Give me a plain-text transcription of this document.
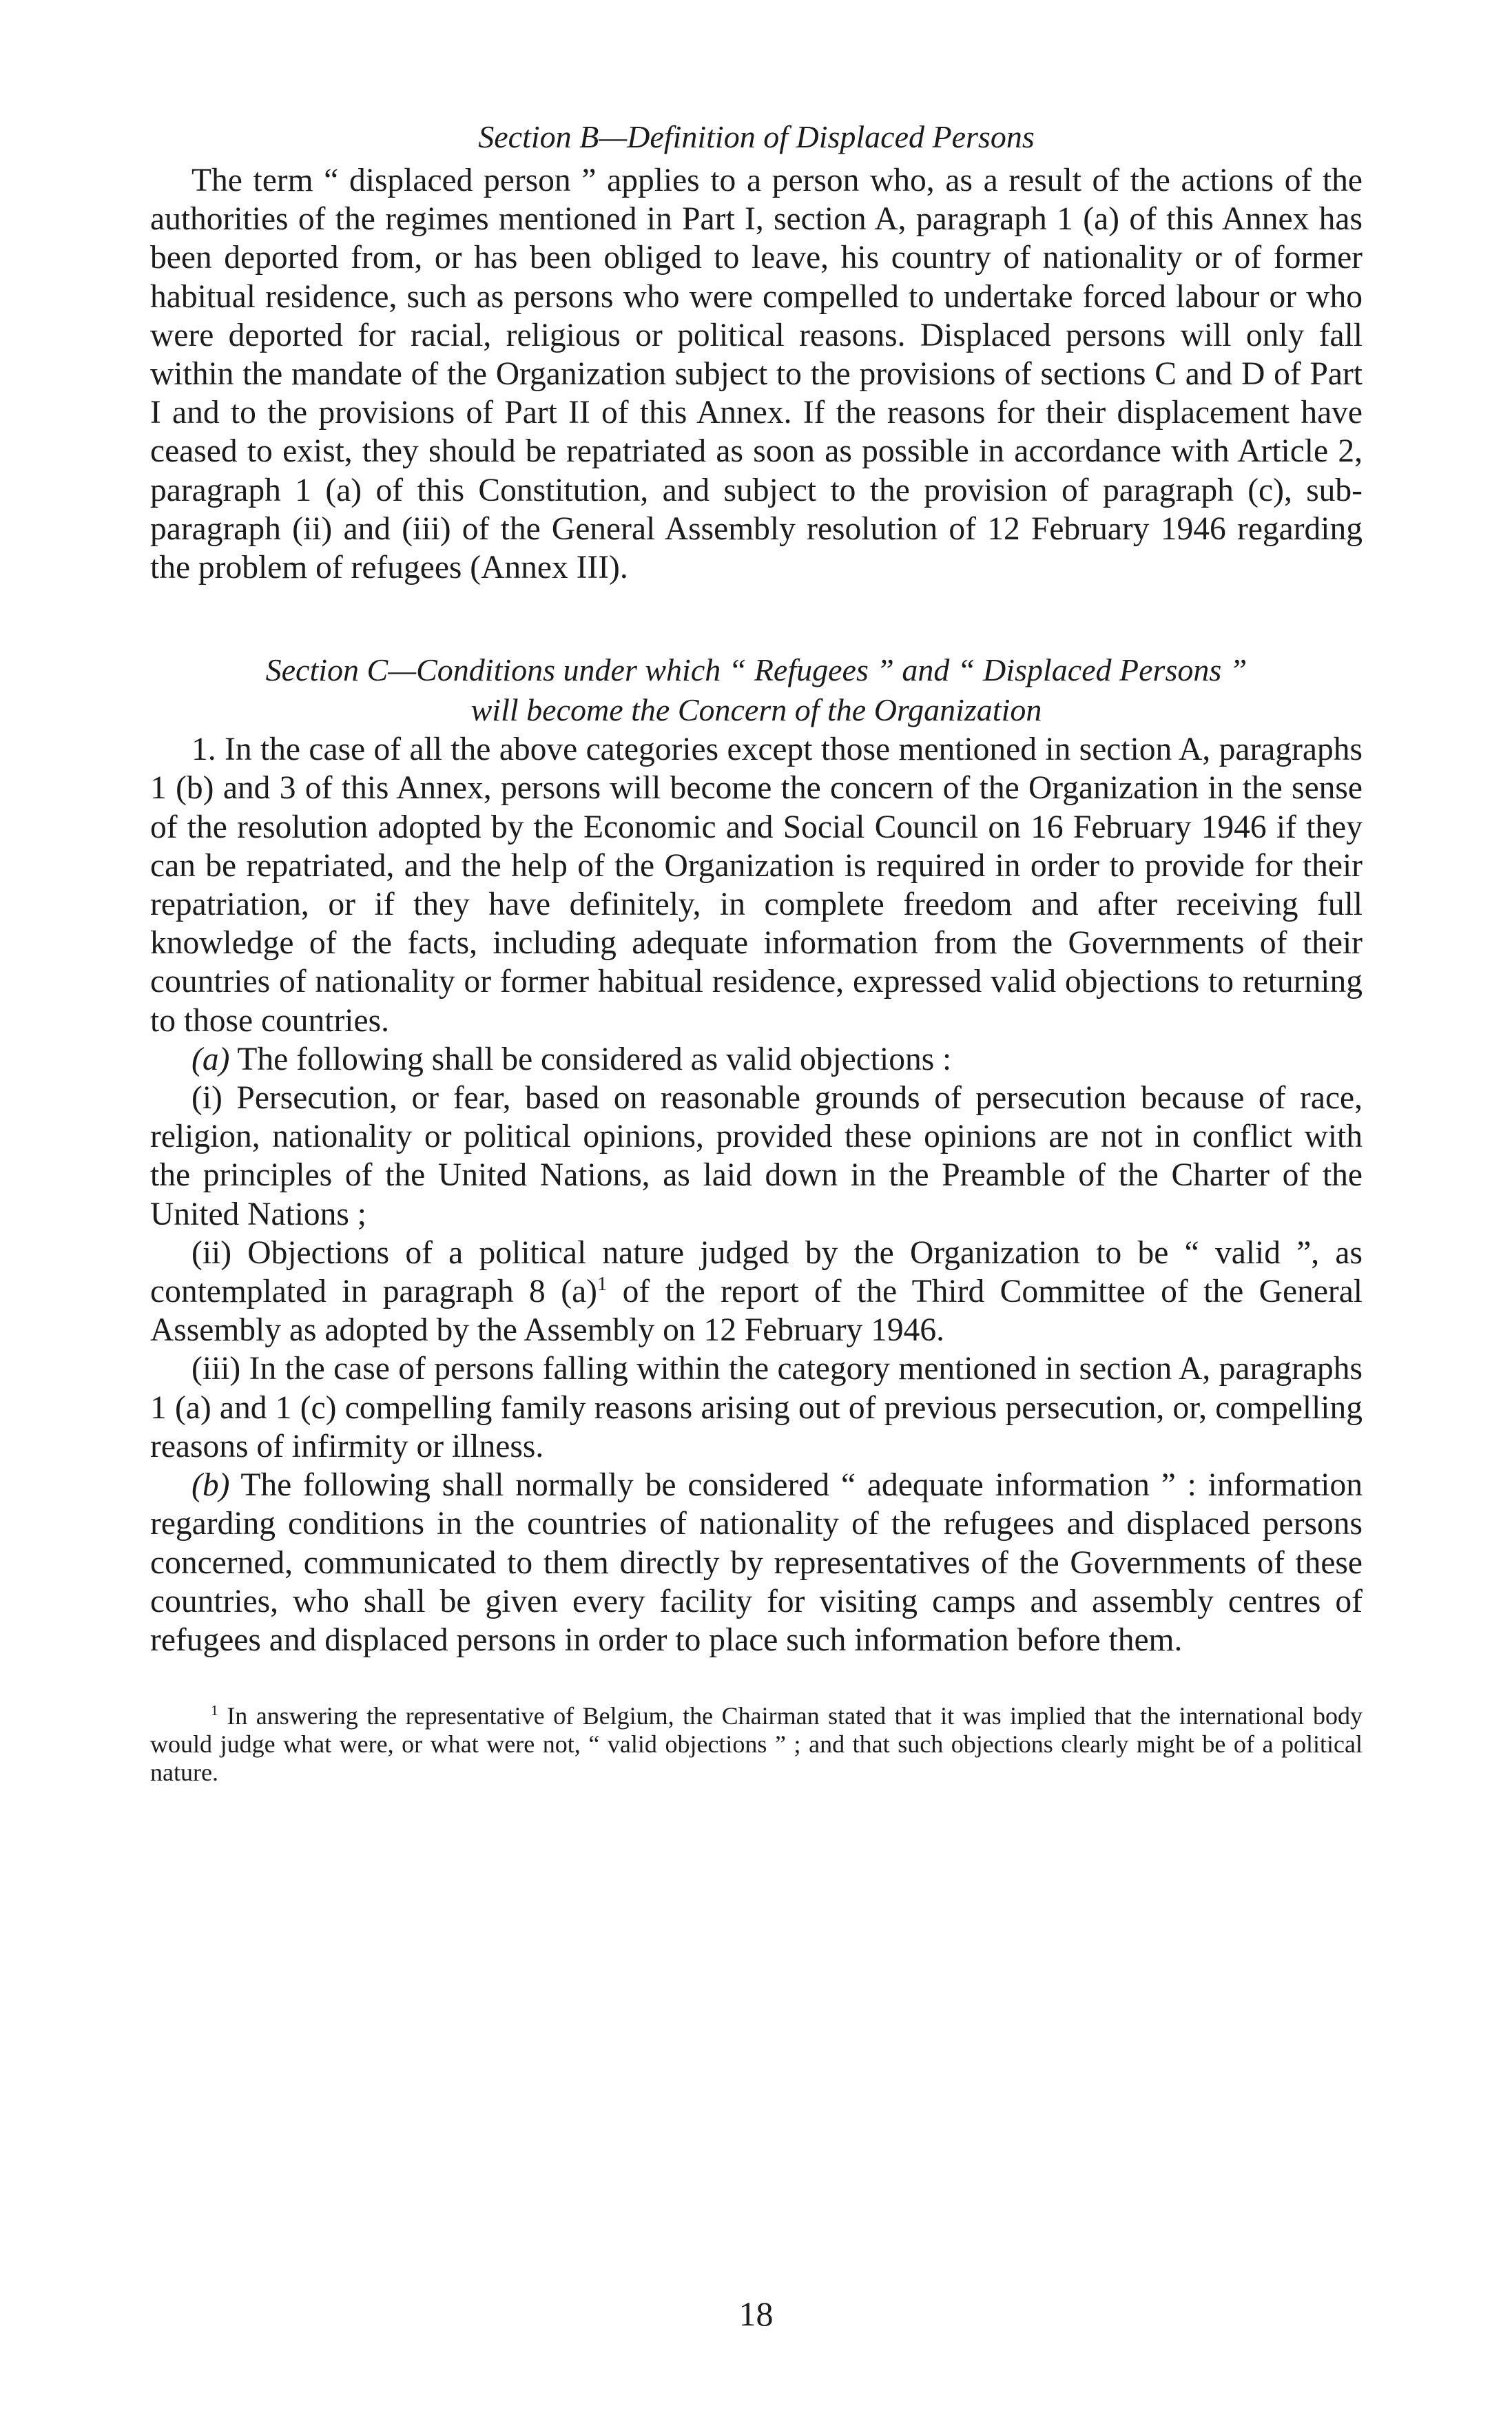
Section B—Definition of Displaced Persons

The term “ displaced person ” applies to a person who, as a result of the actions of the authorities of the regimes mentioned in Part I, section A, paragraph 1 (a) of this Annex has been deported from, or has been obliged to leave, his country of nationality or of former habitual residence, such as persons who were compelled to undertake forced labour or who were deported for racial, religious or political reasons. Displaced persons will only fall within the mandate of the Organization subject to the provisions of sections C and D of Part I and to the provisions of Part II of this Annex. If the reasons for their displacement have ceased to exist, they should be repatriated as soon as possible in accordance with Article 2, paragraph 1 (a) of this Constitution, and subject to the provision of paragraph (c), sub-paragraph (ii) and (iii) of the General Assembly resolution of 12 February 1946 regarding the problem of refugees (Annex III).

Section C—Conditions under which “ Refugees ” and “ Displaced Persons ”

will become the Concern of the Organization

1. In the case of all the above categories except those mentioned in section A, paragraphs 1 (b) and 3 of this Annex, persons will become the concern of the Organization in the sense of the resolution adopted by the Economic and Social Council on 16 February 1946 if they can be repatriated, and the help of the Organization is required in order to provide for their repatriation, or if they have definitely, in complete freedom and after receiving full knowledge of the facts, including adequate information from the Governments of their countries of nationality or former habitual residence, expressed valid objections to returning to those countries.

(a) The following shall be considered as valid objections :

(i) Persecution, or fear, based on reasonable grounds of persecution because of race, religion, nationality or political opinions, provided these opinions are not in conflict with the principles of the United Nations, as laid down in the Preamble of the Charter of the United Nations ;

(ii) Objections of a political nature judged by the Organization to be “ valid ”, as contemplated in paragraph 8 $(a)^1$ of the report of the Third Committee of the General Assembly as adopted by the Assembly on 12 February 1946.

(iii) In the case of persons falling within the category mentioned in section A, paragraphs 1 (a) and 1 (c) compelling family reasons arising out of previous persecution, or, compelling reasons of infirmity or illness.

(b) The following shall normally be considered “ adequate information ” : information regarding conditions in the countries of nationality of the refugees and displaced persons concerned, communicated to them directly by representatives of the Governments of these countries, who shall be given every facility for visiting camps and assembly centres of refugees and displaced persons in order to place such information before them.

$^1$ In answering the representative of Belgium, the Chairman stated that it was implied that the international body would judge what were, or what were not, “ valid objections ” ; and that such objections clearly might be of a political nature.

18
